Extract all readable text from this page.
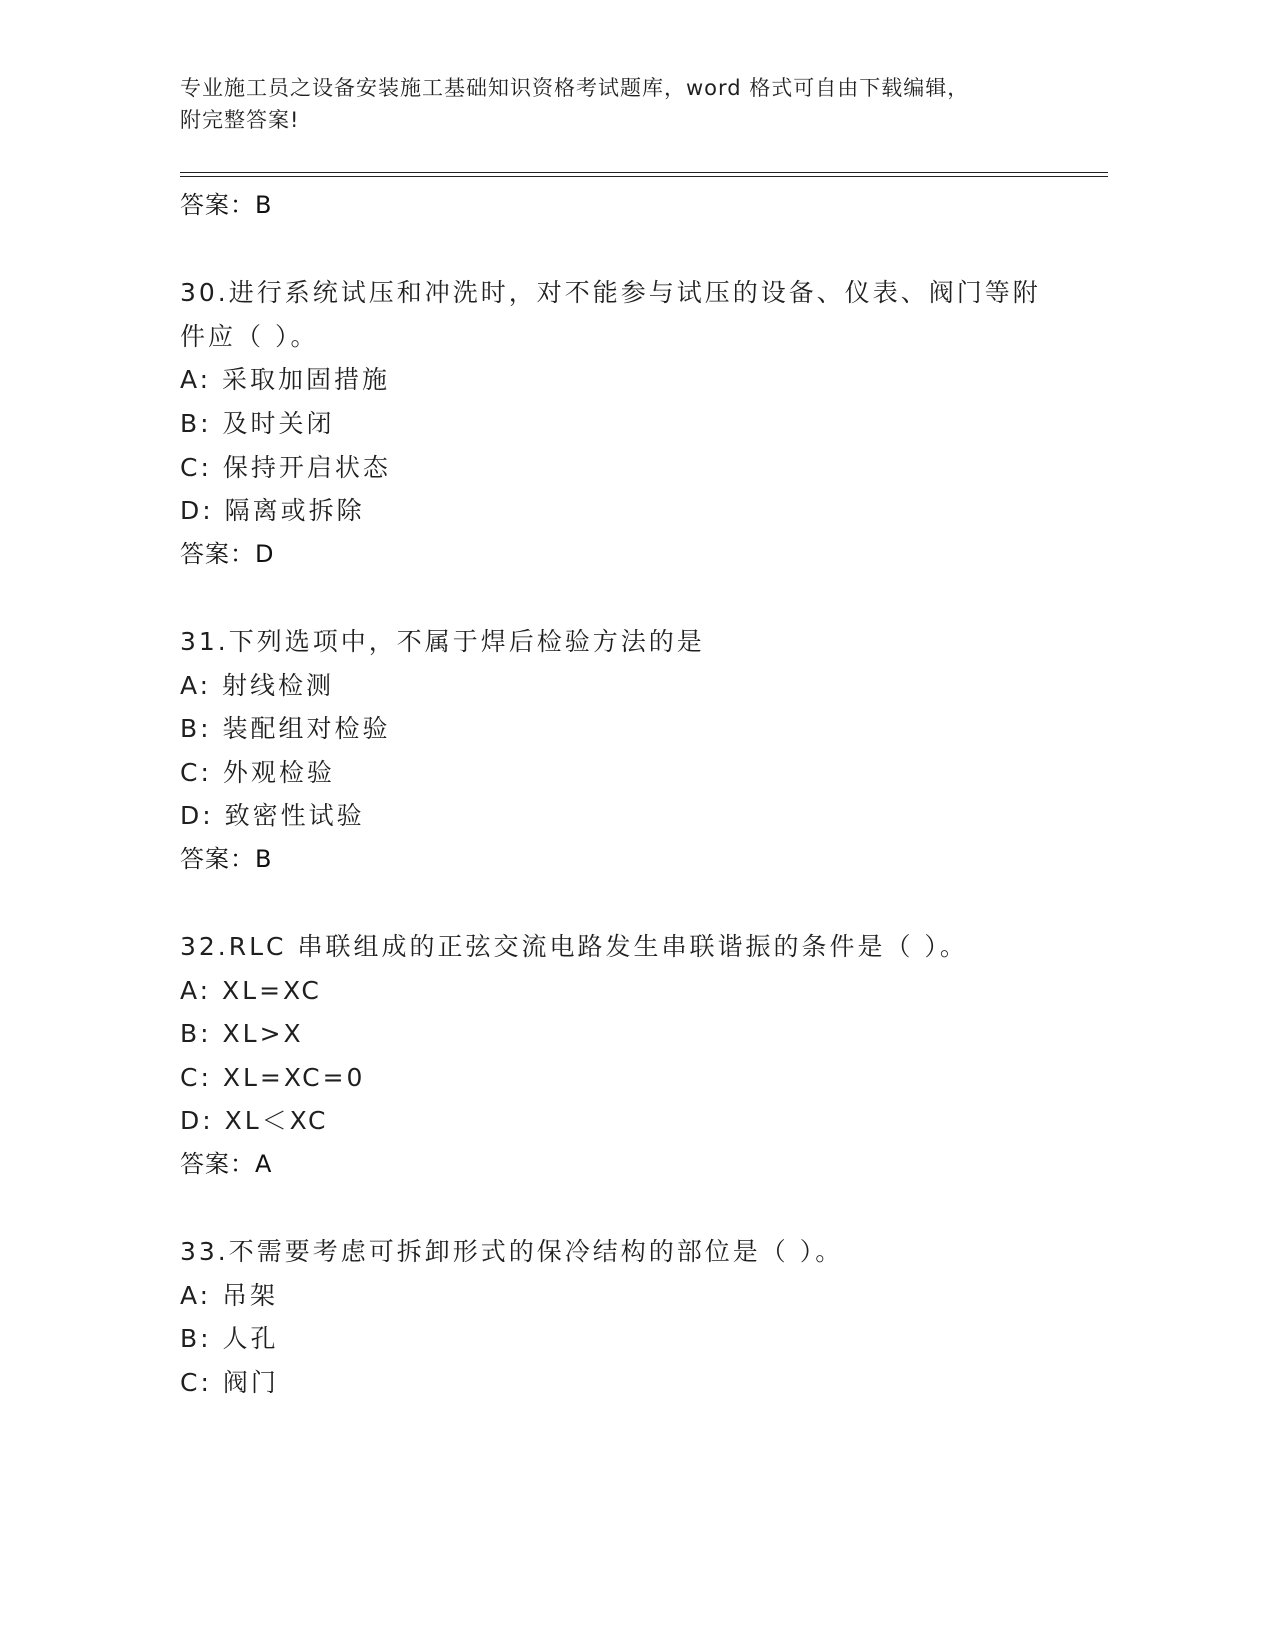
专业施工员之设备安装施工基础知识资格考试题库，word 格式可自由下载编辑，
附完整答案!
答案：B
30.进行系统试压和冲洗时，对不能参与试压的设备、仪表、阀门等附
件应（ ）。
A: 采取加固措施
B: 及时关闭
C: 保持开启状态
D: 隔离或拆除
答案：D
31.下列选项中，不属于焊后检验方法的是
A: 射线检测
B: 装配组对检验
C: 外观检验
D: 致密性试验
答案：B
32.RLC 串联组成的正弦交流电路发生串联谐振的条件是（ ）。
A: XL=XC
B: XL>X
C: XL=XC=0
D: XL＜XC
答案：A
33.不需要考虑可拆卸形式的保冷结构的部位是（ ）。
A: 吊架
B: 人孔
C: 阀门
